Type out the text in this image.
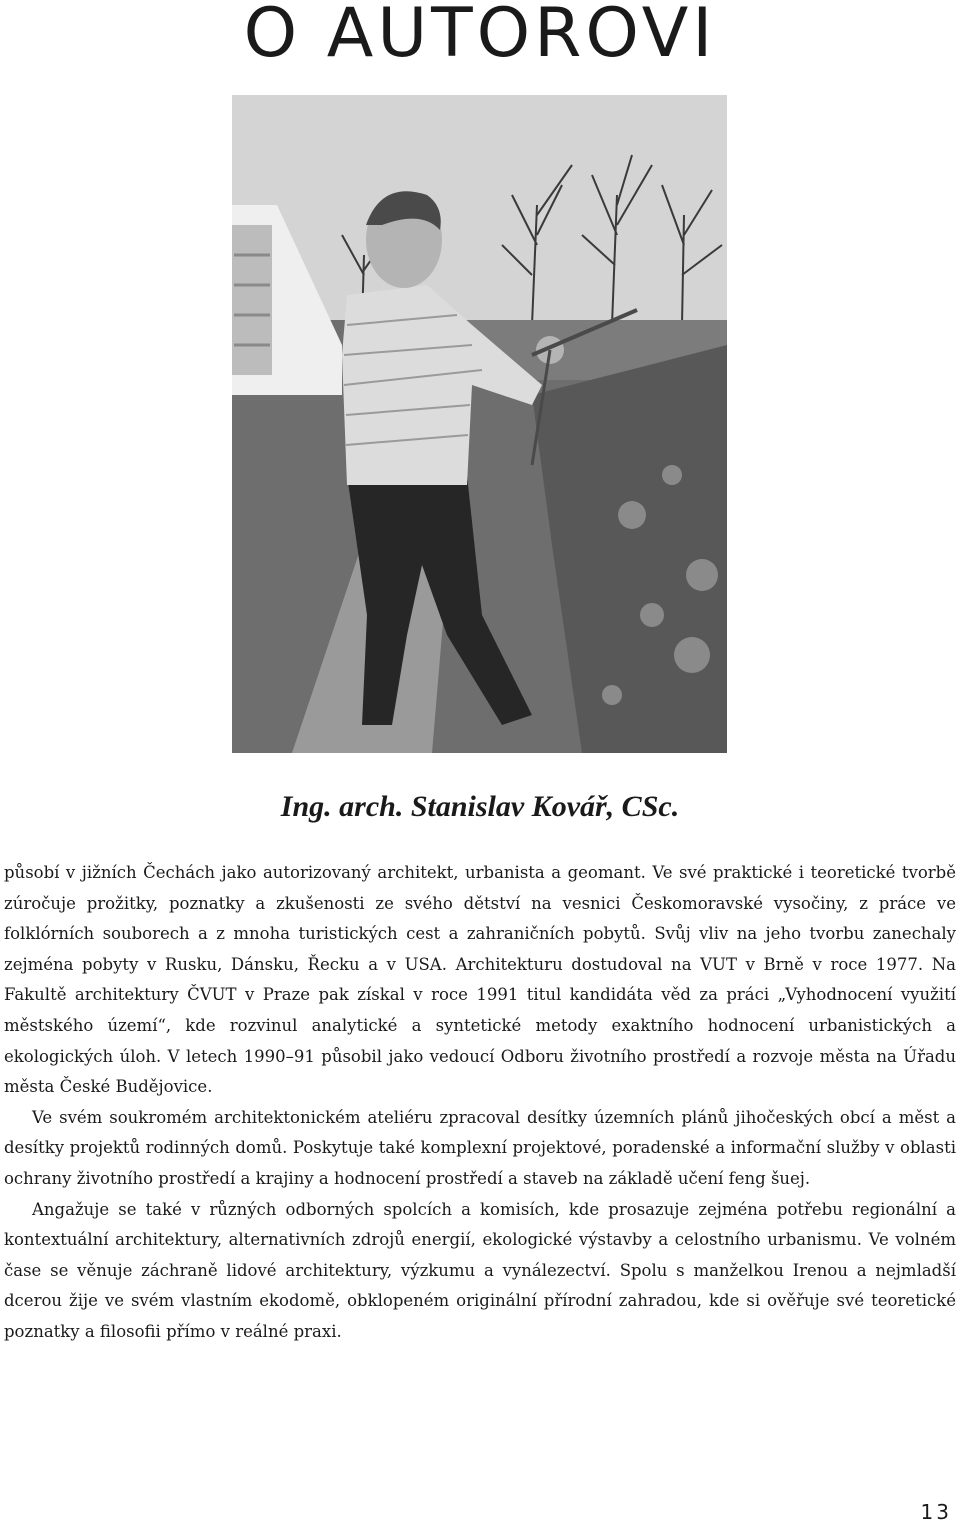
O AUTOROVI
Ing. arch. Stanislav Kovář, CSc.

působí v jižních Čechách jako autorizovaný architekt, urbanista a geomant. Ve své praktické i teoretické tvorbě zúročuje prožitky, poznatky a zkušenosti ze svého dětství na vesnici Českomoravské vysočiny, z práce ve folklórních souborech a z mnoha turistických cest a zahraničních pobytů. Svůj vliv na jeho tvorbu zanechaly zejména pobyty v Rusku, Dánsku, Řecku a v USA. Architekturu dostudoval na VUT v Brně v roce 1977. Na Fakultě architektury ČVUT v Praze pak získal v roce 1991 titul kandidáta věd za práci „Vyhodnocení využití městského území“, kde rozvinul analytické a syntetické metody exaktního hodnocení urbanistických a ekologických úloh. V letech 1990–91 působil jako vedoucí Odboru životního prostředí a rozvoje města na Úřadu města České Budějovice.

Ve svém soukromém architektonickém ateliéru zpracoval desítky územních plánů jihočeských obcí a měst a desítky projektů rodinných domů. Poskytuje také komplexní projektové, poradenské a informační služby v oblasti ochrany životního prostředí a krajiny a hodnocení prostředí a staveb na základě učení feng šuej.

Angažuje se také v různých odborných spolcích a komisích, kde prosazuje zejména potřebu regionální a kontextuální architektury, alternativních zdrojů energií, ekologické výstavby a celostního urbanismu. Ve volném čase se věnuje záchraně lidové architektury, výzkumu a vynálezectví. Spolu s manželkou Irenou a nejmladší dcerou žije ve svém vlastním ekodomě, obklopeném originální přírodní zahradou, kde si ověřuje své teoretické poznatky a filosofii přímo v reálné praxi.

13
